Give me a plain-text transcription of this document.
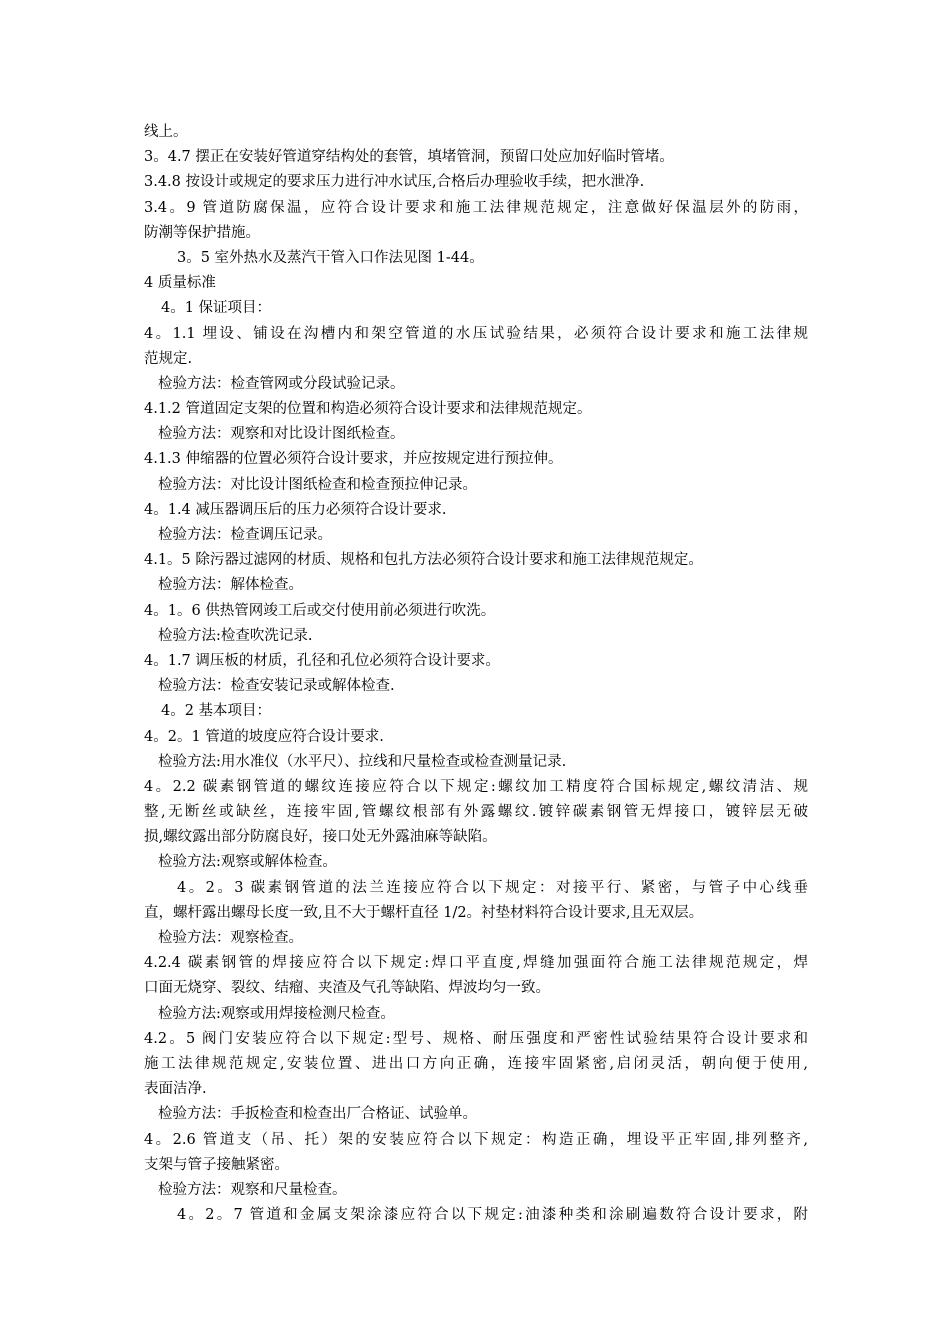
线上。
3。4.7 摆正在安装好管道穿结构处的套管，填堵管洞，预留口处应加好临时管堵。
3.4.8 按设计或规定的要求压力进行冲水试压,合格后办理验收手续，把水泄净.
3.4。9 管道防腐保温，应符合设计要求和施工法律规范规定，注意做好保温层外的防雨，
防潮等保护措施。
3。5 室外热水及蒸汽干管入口作法见图 1-44。
4 质量标准
4。1 保证项目：
4。1.1 埋设、铺设在沟槽内和架空管道的水压试验结果，必须符合设计要求和施工法律规
范规定.
检验方法：检查管网或分段试验记录。
4.1.2 管道固定支架的位置和构造必须符合设计要求和法律规范规定。
检验方法：观察和对比设计图纸检查。
4.1.3 伸缩器的位置必须符合设计要求，并应按规定进行预拉伸。
检验方法：对比设计图纸检查和检查预拉伸记录。
4。1.4 减压器调压后的压力必须符合设计要求.
检验方法：检查调压记录。
4.1。5 除污器过滤网的材质、规格和包扎方法必须符合设计要求和施工法律规范规定。
检验方法：解体检查。
4。1。6 供热管网竣工后或交付使用前必须进行吹洗。
检验方法:检查吹洗记录.
4。1.7 调压板的材质，孔径和孔位必须符合设计要求。
检验方法：检查安装记录或解体检查.
4。2 基本项目：
4。2。1 管道的坡度应符合设计要求.
检验方法:用水准仪（水平尺）、拉线和尺量检查或检查测量记录.
4。2.2 碳素钢管道的螺纹连接应符合以下规定:螺纹加工精度符合国标规定,螺纹清洁、规
整,无断丝或缺丝，连接牢固,管螺纹根部有外露螺纹.镀锌碳素钢管无焊接口，镀锌层无破
损,螺纹露出部分防腐良好，接口处无外露油麻等缺陷。
检验方法:观察或解体检查。
4。2。3 碳素钢管道的法兰连接应符合以下规定：对接平行、紧密，与管子中心线垂
直，螺杆露出螺母长度一致,且不大于螺杆直径 1/2。衬垫材料符合设计要求,且无双层。
检验方法：观察检查。
4.2.4 碳素钢管的焊接应符合以下规定:焊口平直度,焊缝加强面符合施工法律规范规定，焊
口面无烧穿、裂纹、结瘤、夹渣及气孔等缺陷、焊波均匀一致。
检验方法:观察或用焊接检测尺检查。
4.2。5 阀门安装应符合以下规定:型号、规格、耐压强度和严密性试验结果符合设计要求和
施工法律规范规定,安装位置、进出口方向正确，连接牢固紧密,启闭灵活，朝向便于使用,
表面洁净.
检验方法：手扳检查和检查出厂合格证、试验单。
4。2.6 管道支（吊、托）架的安装应符合以下规定：构造正确，埋设平正牢固,排列整齐,
支架与管子接触紧密。
检验方法：观察和尺量检查。
4。2。7 管道和金属支架涂漆应符合以下规定:油漆种类和涂刷遍数符合设计要求，附
